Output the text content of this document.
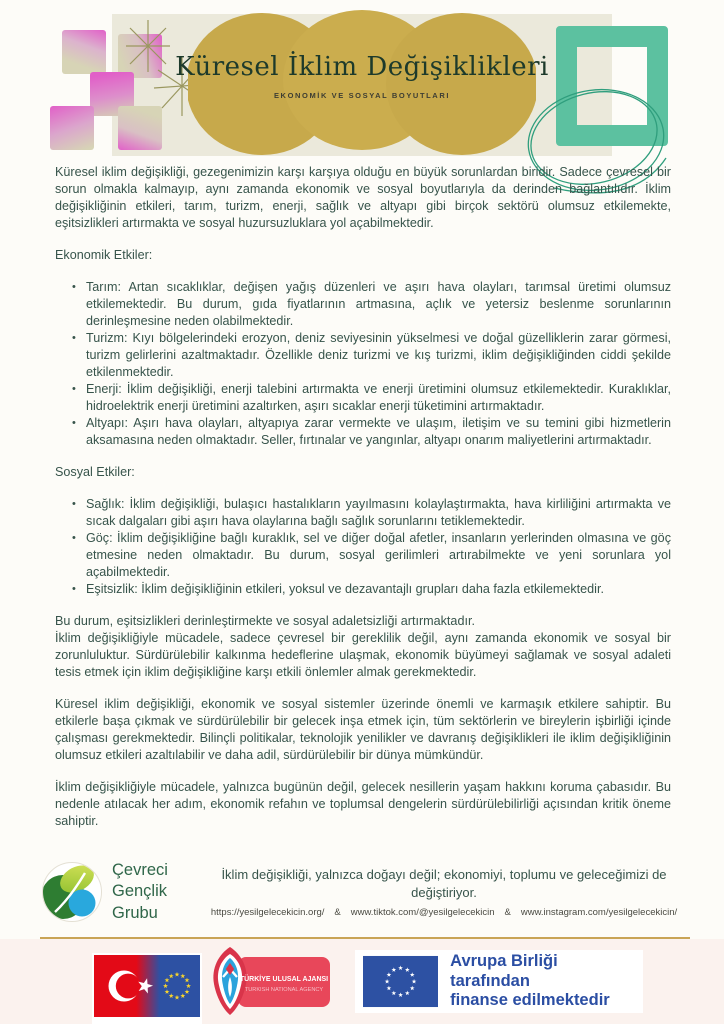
Küresel İklim Değişiklikleri
EKONOMİK VE SOSYAL BOYUTLARI

Küresel iklim değişikliği, gezegenimizin karşı karşıya olduğu en büyük sorunlardan biridir. Sadece çevresel bir sorun olmakla kalmayıp, aynı zamanda ekonomik ve sosyal boyutlarıyla da derinden bağlantılıdır. İklim değişikliğinin etkileri, tarım, turizm, enerji, sağlık ve altyapı gibi birçok sektörü olumsuz etkilemekte, eşitsizlikleri artırmakta ve sosyal huzursuzluklara yol açabilmektedir.

Ekonomik Etkiler:

• Tarım: Artan sıcaklıklar, değişen yağış düzenleri ve aşırı hava olayları, tarımsal üretimi olumsuz etkilemektedir. Bu durum, gıda fiyatlarının artmasına, açlık ve yetersiz beslenme sorunlarının derinleşmesine neden olabilmektedir.
• Turizm: Kıyı bölgelerindeki erozyon, deniz seviyesinin yükselmesi ve doğal güzelliklerin zarar görmesi, turizm gelirlerini azaltmaktadır. Özellikle deniz turizmi ve kış turizmi, iklim değişikliğinden ciddi şekilde etkilenmektedir.
• Enerji: İklim değişikliği, enerji talebini artırmakta ve enerji üretimini olumsuz etkilemektedir. Kuraklıklar, hidroelektrik enerji üretimini azaltırken, aşırı sıcaklar enerji tüketimini artırmaktadır.
• Altyapı: Aşırı hava olayları, altyapıya zarar vermekte ve ulaşım, iletişim ve su temini gibi hizmetlerin aksamasına neden olmaktadır. Seller, fırtınalar ve yangınlar, altyapı onarım maliyetlerini artırmaktadır.

Sosyal Etkiler:

• Sağlık: İklim değişikliği, bulaşıcı hastalıkların yayılmasını kolaylaştırmakta, hava kirliliğini artırmakta ve sıcak dalgaları gibi aşırı hava olaylarına bağlı sağlık sorunlarını tetiklemektedir.
• Göç: İklim değişikliğine bağlı kuraklık, sel ve diğer doğal afetler, insanların yerlerinden olmasına ve göç etmesine neden olmaktadır. Bu durum, sosyal gerilimleri artırabilmekte ve yeni sorunlara yol açabilmektedir.
• Eşitsizlik: İklim değişikliğinin etkileri, yoksul ve dezavantajlı grupları daha fazla etkilemektedir.

Bu durum, eşitsizlikleri derinleştirmekte ve sosyal adaletsizliği artırmaktadır.

İklim değişikliğiyle mücadele, sadece çevresel bir gereklilik değil, aynı zamanda ekonomik ve sosyal bir zorunluluktur. Sürdürülebilir kalkınma hedeflerine ulaşmak, ekonomik büyümeyi sağlamak ve sosyal adaleti tesis etmek için iklim değişikliğine karşı etkili önlemler almak gerekmektedir.

Küresel iklim değişikliği, ekonomik ve sosyal sistemler üzerinde önemli ve karmaşık etkilere sahiptir. Bu etkilerle başa çıkmak ve sürdürülebilir bir gelecek inşa etmek için, tüm sektörlerin ve bireylerin işbirliği içinde çalışması gerekmektedir. Bilinçli politikalar, teknolojik yenilikler ve davranış değişiklikleri ile iklim değişikliğinin olumsuz etkileri azaltılabilir ve daha adil, sürdürülebilir bir dünya mümkündür.

İklim değişikliğiyle mücadele, yalnızca bugünün değil, gelecek nesillerin yaşam hakkını koruma çabasıdır. Bu nedenle atılacak her adım, ekonomik refahın ve toplumsal dengelerin sürdürülebilirliği açısından kritik öneme sahiptir.

Çevreci
Gençlik
Grubu
İklim değişikliği, yalnızca doğayı değil; ekonomiyi, toplumu ve geleceğimizi de değiştiriyor.
https://yesilgelecekicin.org/ & www.tiktok.com/@yesilgelecekicin & www.instagram.com/yesilgelecekicin/
TÜRKİYE ULUSAL AJANSI
TURKISH NATIONAL AGENCY
Avrupa Birliği tarafından
finanse edilmektedir
